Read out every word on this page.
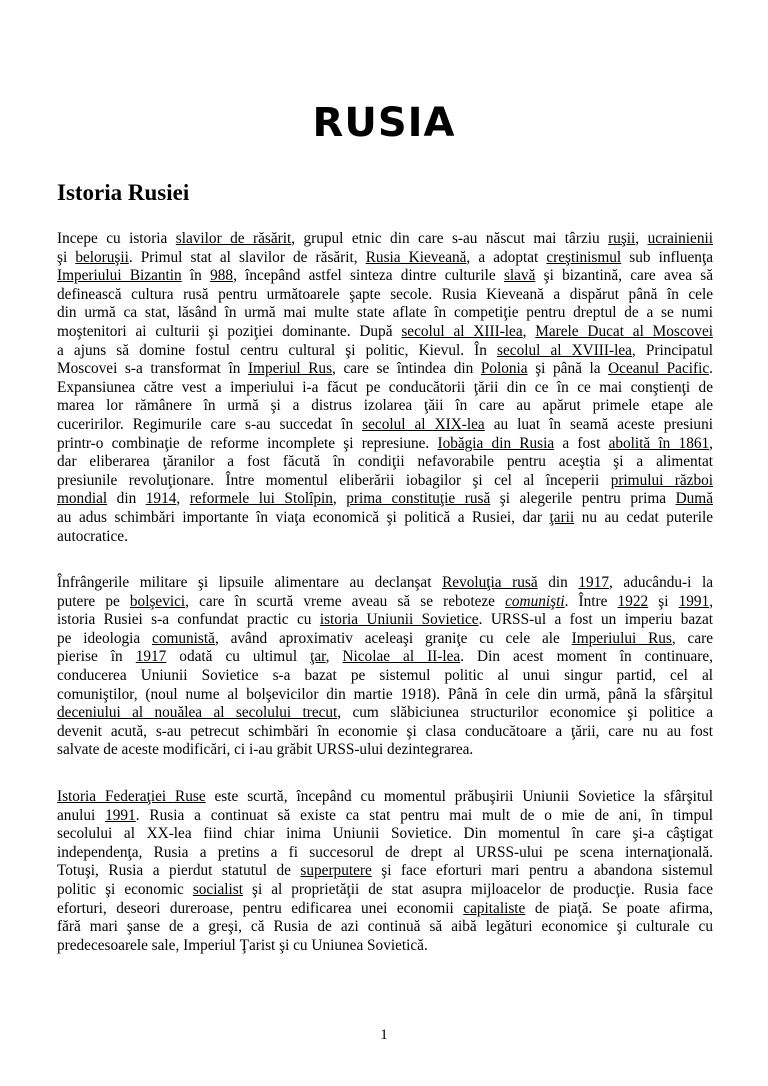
RUSIA
Istoria Rusiei
Incepe cu istoria slavilor de răsărit, grupul etnic din care s-au născut mai târziu ruşii, ucrainienii
şi beloruşii. Primul stat al slavilor de răsărit, Rusia Kieveană, a adoptat creştinismul sub influenţa
Imperiului Bizantin în 988, începând astfel sinteza dintre culturile slavă şi bizantină, care avea să
definească cultura rusă pentru următoarele şapte secole. Rusia Kieveană a dispărut până în cele
din urmă ca stat, lăsând în urmă mai multe state aflate în competiţie pentru dreptul de a se numi
moştenitori ai culturii şi poziţiei dominante. După secolul al XIII-lea, Marele Ducat al Moscovei
a ajuns să domine fostul centru cultural şi politic, Kievul. În secolul al XVIII-lea, Principatul
Moscovei s-a transformat în Imperiul Rus, care se întindea din Polonia şi până la Oceanul Pacific.
Expansiunea către vest a imperiului i-a făcut pe conducătorii ţării din ce în ce mai conştienţi de
marea lor rămânere în urmă şi a distrus izolarea ţăii în care au apărut primele etape ale
cuceririlor. Regimurile care s-au succedat în secolul al XIX-lea au luat în seamă aceste presiuni
printr-o combinaţie de reforme incomplete şi represiune. Iobăgia din Rusia a fost abolită în 1861,
dar eliberarea ţăranilor a fost făcută în condiţii nefavorabile pentru aceştia şi a alimentat
presiunile revoluţionare. Între momentul eliberării iobagilor şi cel al începerii primului război
mondial din 1914, reformele lui Stolîpin, prima constituţie rusă şi alegerile pentru prima Dumă
au adus schimbări importante în viaţa economică şi politică a Rusiei, dar ţarii nu au cedat puterile
autocratice.
Înfrângerile militare şi lipsuile alimentare au declanşat Revoluţia rusă din 1917, aducându-i la
putere pe bolşevici, care în scurtă vreme aveau să se reboteze comunişti. Între 1922 şi 1991,
istoria Rusiei s-a confundat practic cu istoria Uniunii Sovietice. URSS-ul a fost un imperiu bazat
pe ideologia comunistă, având aproximativ aceleaşi graniţe cu cele ale Imperiului Rus, care
pierise în 1917 odată cu ultimul ţar, Nicolae al II-lea. Din acest moment în continuare,
conducerea Uniunii Sovietice s-a bazat pe sistemul politic al unui singur partid, cel al
comuniştilor, (noul nume al bolşevicilor din martie 1918). Până în cele din urmă, până la sfârşitul
deceniului al nouălea al secolului trecut, cum slăbiciunea structurilor economice şi politice a
devenit acută, s-au petrecut schimbări în economie şi clasa conducătoare a ţării, care nu au fost
salvate de aceste modificări, ci i-au grăbit URSS-ului dezintegrarea.
Istoria Federaţiei Ruse este scurtă, începând cu momentul prăbuşirii Uniunii Sovietice la sfârşitul
anului 1991. Rusia a continuat să existe ca stat pentru mai mult de o mie de ani, în timpul
secolului al XX-lea fiind chiar inima Uniunii Sovietice. Din momentul în care şi-a câştigat
independenţa, Rusia a pretins a fi succesorul de drept al URSS-ului pe scena internaţională.
Totuşi, Rusia a pierdut statutul de superputere şi face eforturi mari pentru a abandona sistemul
politic şi economic socialist şi al proprietăţii de stat asupra mijloacelor de producţie. Rusia face
eforturi, deseori dureroase, pentru edificarea unei economii capitaliste de piaţă. Se poate afirma,
fără mari şanse de a greşi, că Rusia de azi continuă să aibă legături economice şi culturale cu
predecesoarele sale, Imperiul Ţarist şi cu Uniunea Sovietică.
1
